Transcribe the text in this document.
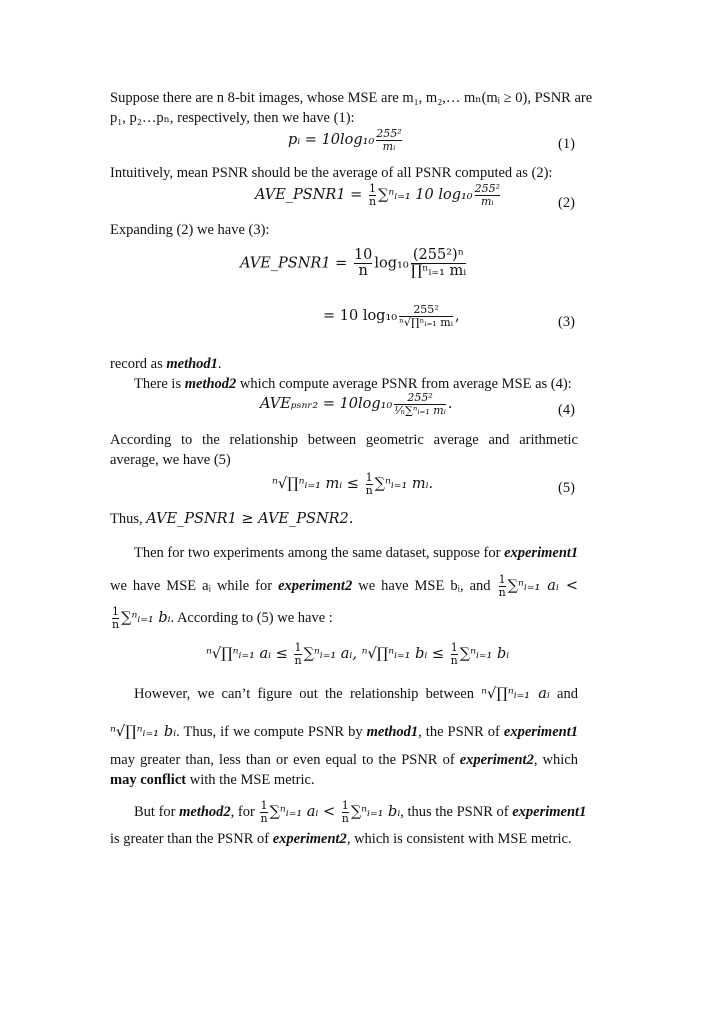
Suppose there are n 8-bit images, whose MSE are m₁, m₂,… mₙ(mᵢ ≥ 0), PSNR are
p₁, p₂…pₙ, respectively, then we have (1):
pᵢ = $10\log_{10} \frac{\text{255²}}{\text{mᵢ}}$	(1)
Intuitively, mean PSNR should be the average of all PSNR computed as (2):
AVE_PSNR1 = $\frac{1}{n}$ ∑ⁿᵢ₌₁ 10 $\log_{10} \frac{\text{255²}}{\text{mᵢ}}$	(2)
Expanding (2) we have (3):
AVE_PSNR1 = $\frac{10}{n} \log_{10} \frac{\text{(255²)ⁿ}}{\text{∏ⁿᵢ₌₁ mᵢ}}$
= 10 $\log_{10} \frac{\text{255²}}{\text{ⁿ√∏ⁿᵢ₌₁ mᵢ}}$ ,	(3)
record as method1.
There is method2 which compute average PSNR from average MSE as (4):
AVEₚₛₙᵣ₂ = $10\log_{10} \frac{\text{255²}}{\text{¹⁄ₙ∑ⁿᵢ₌₁ mᵢ}}$ .	(4)
According to the relationship between geometric average and arithmetic
average, we have (5)
ⁿ√∏ⁿᵢ₌₁ mᵢ ≤ $\frac{1}{n}$ ∑ⁿᵢ₌₁ mᵢ.	(5)
Thus, AVE_PSNR1 ≥ AVE_PSNR2.
Then for two experiments among the same dataset, suppose for experiment1
we have MSE aᵢ while for experiment2 we have MSE bᵢ, and $\frac{1}{n}$ ∑ⁿᵢ₌₁ aᵢ <
$\frac{1}{n}$ ∑ⁿᵢ₌₁ bᵢ. According to (5) we have :
ⁿ√∏ⁿᵢ₌₁ aᵢ ≤ $\frac{1}{n}$ ∑ⁿᵢ₌₁ aᵢ, ⁿ√∏ⁿᵢ₌₁ bᵢ ≤ $\frac{1}{n}$ ∑ⁿᵢ₌₁ bᵢ
However, we can’t figure out the relationship between ⁿ√∏ⁿᵢ₌₁ aᵢ and
ⁿ√∏ⁿᵢ₌₁ bᵢ. Thus, if we compute PSNR by method1, the PSNR of experiment1
may greater than, less than or even equal to the PSNR of experiment2, which
may conflict with the MSE metric.
But for method2, for $\frac{1}{n}$ ∑ⁿᵢ₌₁ aᵢ < $\frac{1}{n}$ ∑ⁿᵢ₌₁ bᵢ, thus the PSNR of experiment1
is greater than the PSNR of experiment2, which is consistent with MSE metric.
